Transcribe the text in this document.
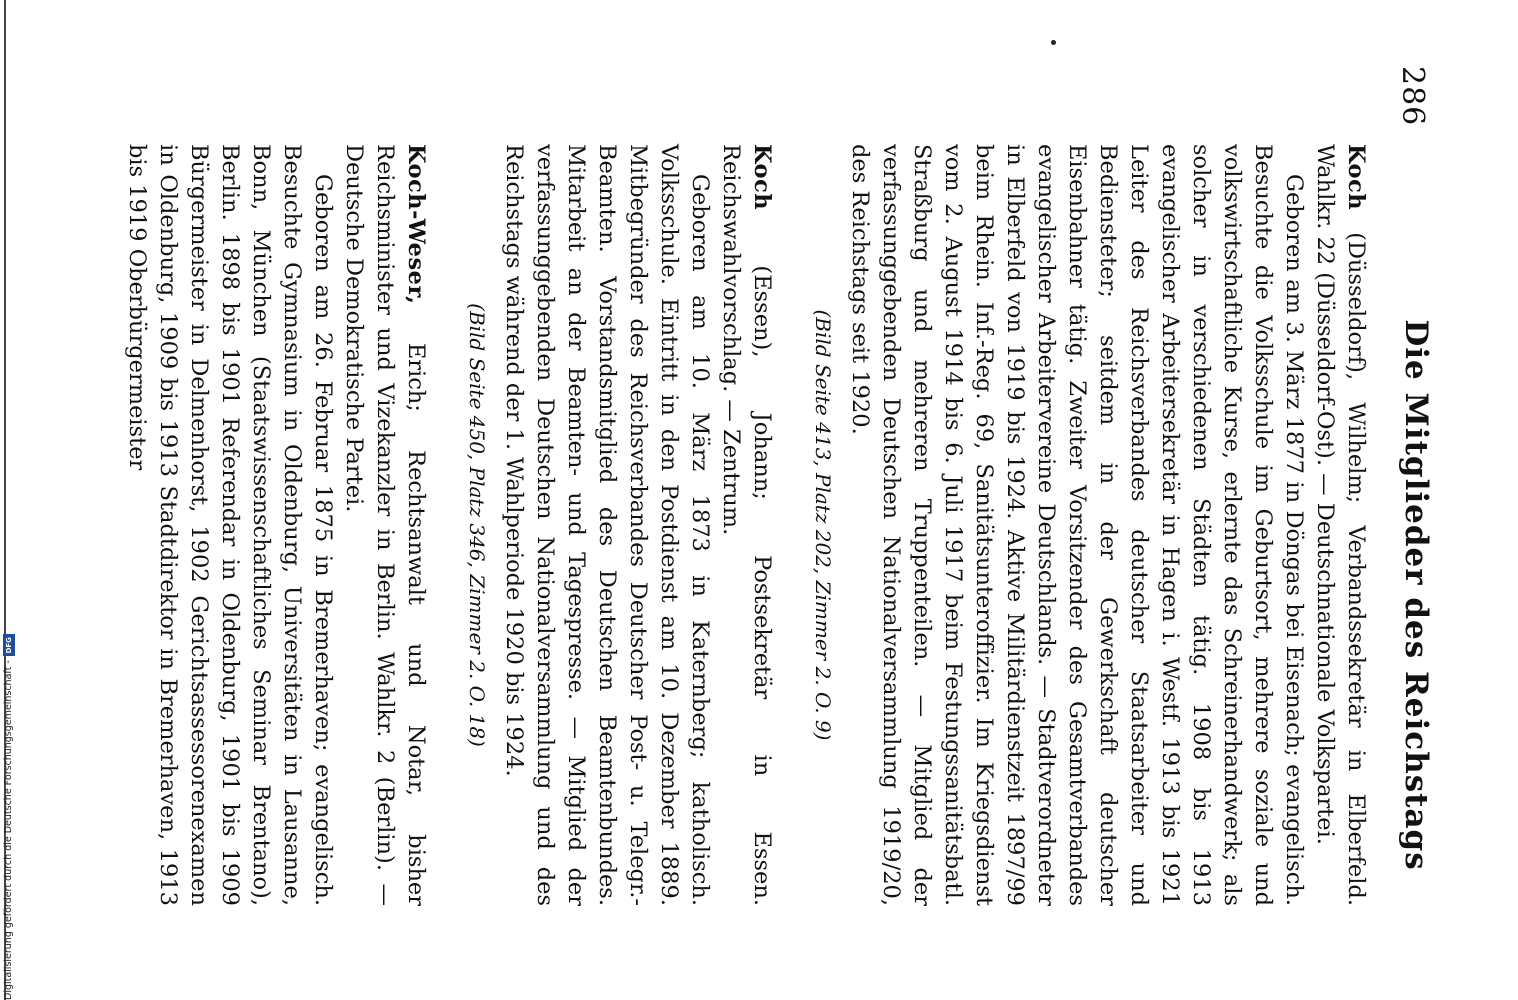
286
Die Mitglieder des Reichstags

Koch (Düsseldorf), Wilhelm; Verbandssekretär in Elberfeld. Wahlkr. 22 (Düsseldorf-Ost). — Deutschnationale Volkspartei.

Geboren am 3. März 1877 in Döngas bei Eisenach; evangelisch. Besuchte die Volksschule im Geburtsort, mehrere soziale und volkswirtschaftliche Kurse, erlernte das Schreinerhandwerk; als solcher in verschiedenen Städten tätig. 1908 bis 1913 evangelischer Arbeitersekretär in Hagen i. Westf. 1913 bis 1921 Leiter des Reichsverbandes deutscher Staatsarbeiter und Bediensteter; seitdem in der Gewerkschaft deutscher Eisenbahner tätig. Zweiter Vorsitzender des Gesamtverbandes evangelischer Arbeitervereine Deutschlands. — Stadtverordneter in Elberfeld von 1919 bis 1924. Aktive Militärdienstzeit 1897/99 beim Rhein. Inf.-Reg. 69, Sanitätsunteroffizier. Im Kriegsdienst vom 2. August 1914 bis 6. Juli 1917 beim Festungssanitätsbatl. Straßburg und mehreren Truppenteilen. — Mitglied der verfassunggebenden Deutschen Nationalversammlung 1919/20, des Reichstags seit 1920.

(Bild Seite 413, Platz 202, Zimmer 2. O. 9)

Koch (Essen), Johann; Postsekretär in Essen. Reichswahlvorschlag. — Zentrum.

Geboren am 10. März 1873 in Katernberg; katholisch. Volksschule. Eintritt in den Postdienst am 10. Dezember 1889. Mitbegründer des Reichsverbandes Deutscher Post- u. Telegr.-Beamten. Vorstandsmitglied des Deutschen Beamtenbundes. Mitarbeit an der Beamten- und Tagespresse. — Mitglied der verfassunggebenden Deutschen Nationalversammlung und des Reichstags während der 1. Wahlperiode 1920 bis 1924.

(Bild Seite 450, Platz 346, Zimmer 2. O. 18)

Koch-Weser, Erich; Rechtsanwalt und Notar, bisher Reichsminister und Vizekanzler in Berlin. Wahlkr. 2 (Berlin). — Deutsche Demokratische Partei.

Geboren am 26. Februar 1875 in Bremerhaven; evangelisch. Besuchte Gymnasium in Oldenburg, Universitäten in Lausanne, Bonn, München (Staatswissenschaftliches Seminar Brentano), Berlin. 1898 bis 1901 Referendar in Oldenburg, 1901 bis 1909 Bürgermeister in Delmenhorst, 1902 Gerichtsassessorenexamen in Oldenburg, 1909 bis 1913 Stadtdirektor in Bremerhaven, 1913 bis 1919 Oberbürgermeister

Digitalisierung gefördert durch die Deutsche Forschungsgemeinschaft -
DFG
